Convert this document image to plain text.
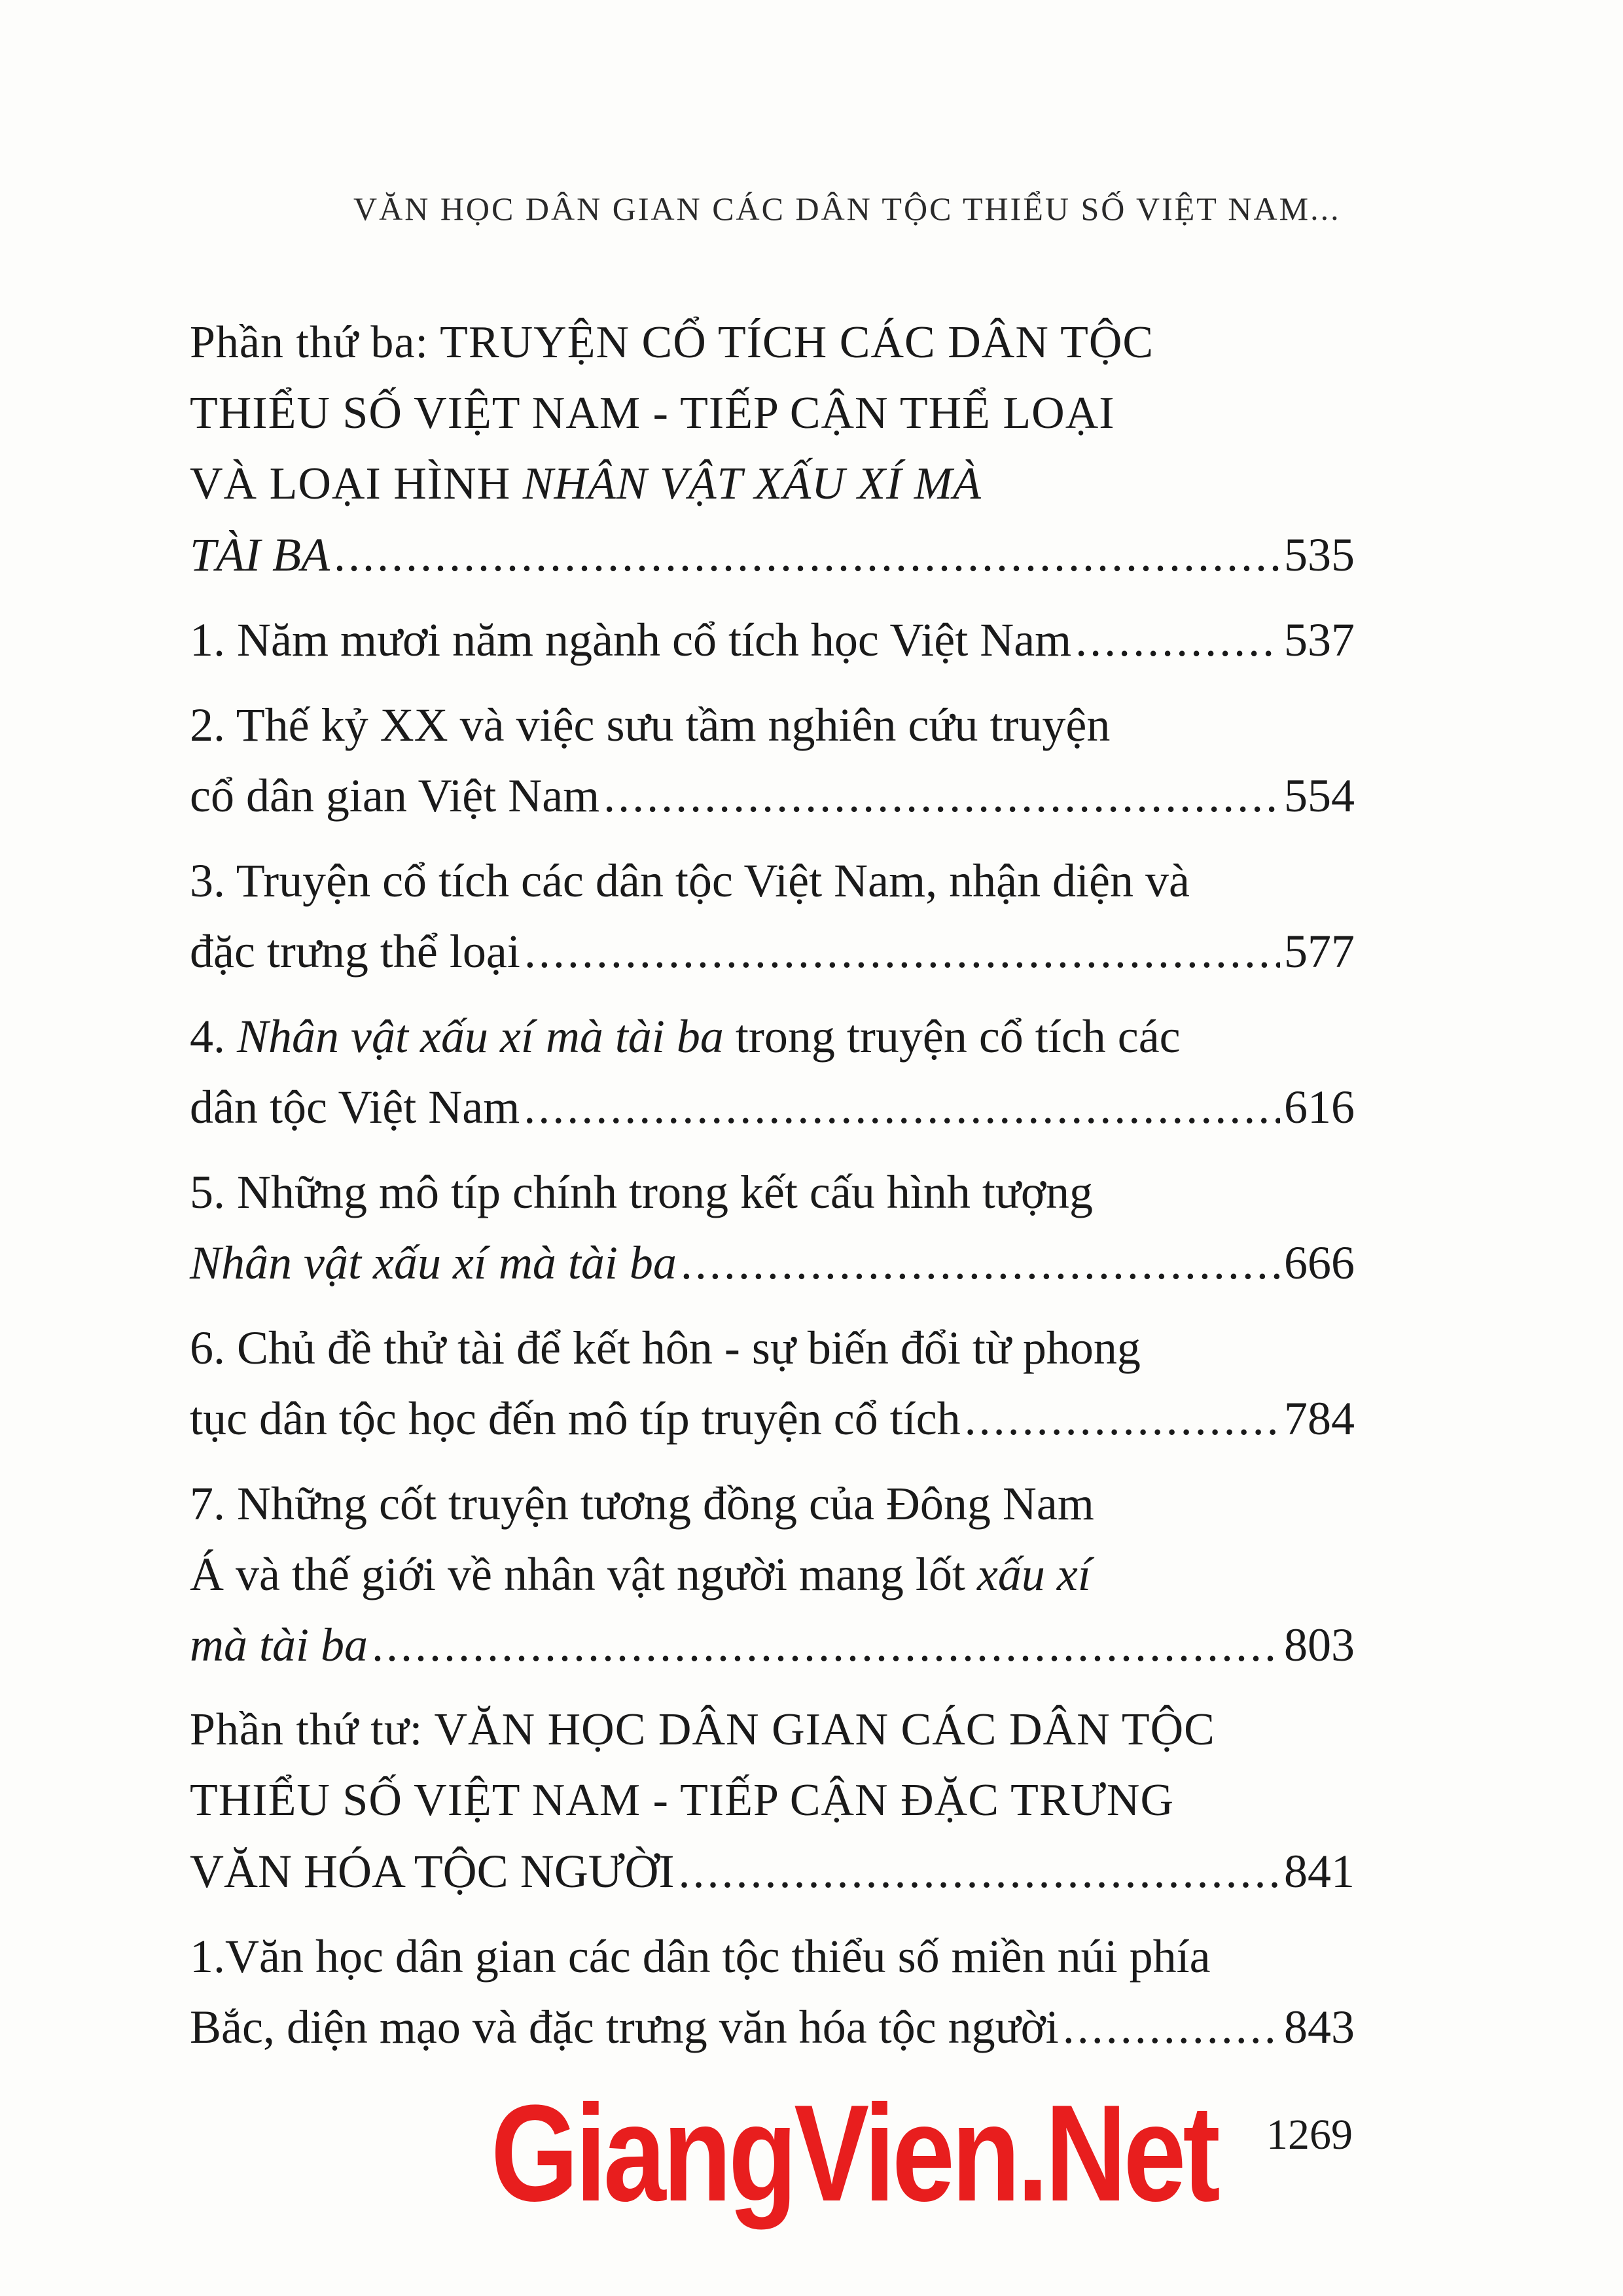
VĂN HỌC DÂN GIAN CÁC DÂN TỘC THIỂU SỐ VIỆT NAM...
Phần thứ ba: TRUYỆN CỔ TÍCH CÁC DÂN TỘC
THIỂU SỐ VIỆT NAM - TIẾP CẬN THỂ LOẠI
VÀ LOẠI HÌNH NHÂN VẬT XẤU XÍ MÀ
TÀI BA .....	535
1. Năm mươi năm ngành cổ tích học Việt Nam .....	537
2. Thế kỷ XX và việc sưu tầm nghiên cứu truyện
cổ dân gian Việt Nam .....	554
3. Truyện cổ tích các dân tộc Việt Nam, nhận diện và
đặc trưng thể loại .....	577
4. Nhân vật xấu xí mà tài ba trong truyện cổ tích các
dân tộc Việt Nam .....	616
5. Những mô típ chính trong kết cấu hình tượng
Nhân vật xấu xí mà tài ba .....	666
6. Chủ đề thử tài để kết hôn - sự biến đổi từ phong
tục dân tộc học đến mô típ truyện cổ tích .....	784
7. Những cốt truyện tương đồng của Đông Nam
Á và thế giới về nhân vật người mang lốt xấu xí
mà tài ba .....	803
Phần thứ tư: VĂN HỌC DÂN GIAN CÁC DÂN TỘC
THIỂU SỐ VIỆT NAM - TIẾP CẬN ĐẶC TRƯNG
VĂN HÓA TỘC NGƯỜI .....	841
1.Văn học dân gian các dân tộc thiểu số miền núi phía
Bắc, diện mạo và đặc trưng văn hóa tộc người .....	843
GiangVien.Net 1269
